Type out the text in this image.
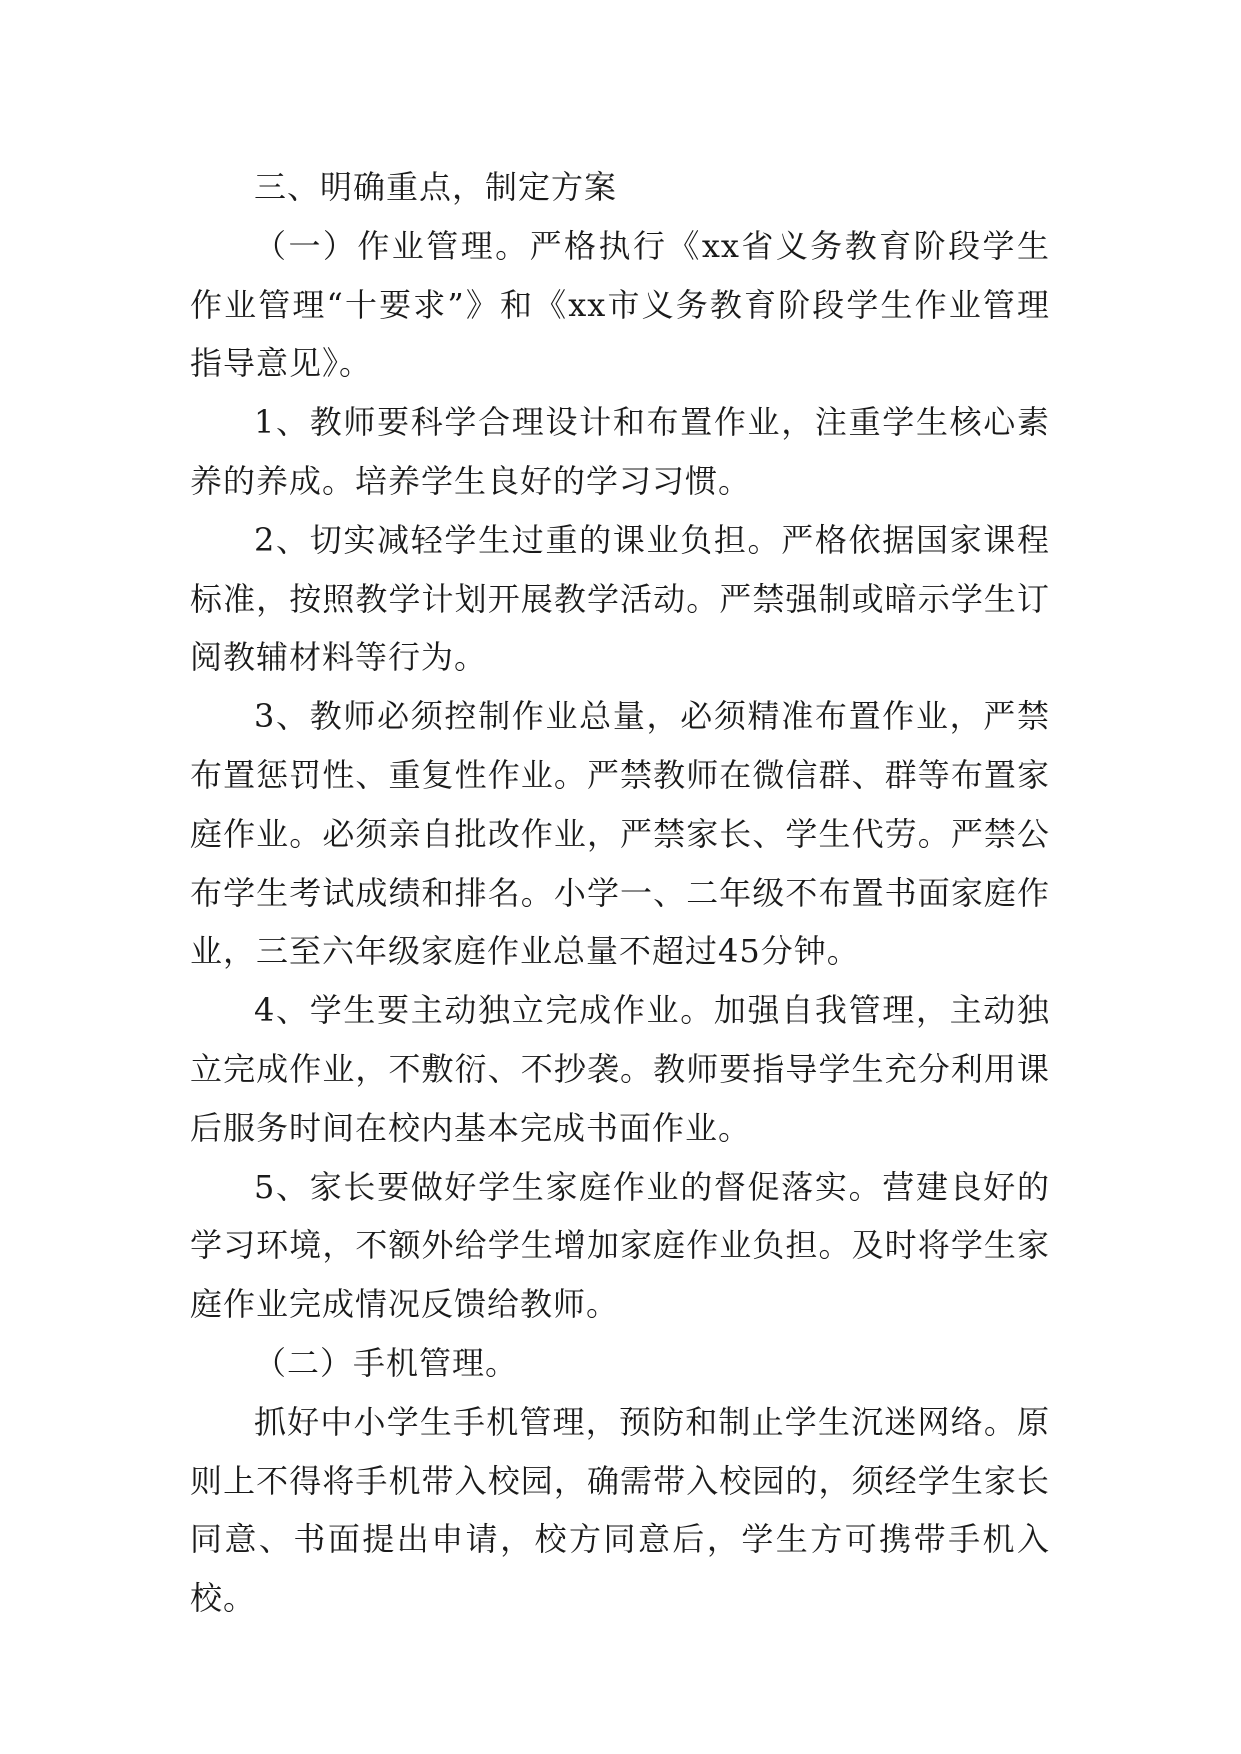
三、明确重点，制定方案

（一）作业管理。严格执行《xx省义务教育阶段学生作业管理“十要求”》和《xx市义务教育阶段学生作业管理指导意见》。

1、教师要科学合理设计和布置作业，注重学生核心素养的养成。培养学生良好的学习习惯。

2、切实减轻学生过重的课业负担。严格依据国家课程标准，按照教学计划开展教学活动。严禁强制或暗示学生订阅教辅材料等行为。

3、教师必须控制作业总量，必须精准布置作业，严禁布置惩罚性、重复性作业。严禁教师在微信群、群等布置家庭作业。必须亲自批改作业，严禁家长、学生代劳。严禁公布学生考试成绩和排名。小学一、二年级不布置书面家庭作业，三至六年级家庭作业总量不超过45分钟。

4、学生要主动独立完成作业。加强自我管理，主动独立完成作业，不敷衍、不抄袭。教师要指导学生充分利用课后服务时间在校内基本完成书面作业。

5、家长要做好学生家庭作业的督促落实。营建良好的学习环境，不额外给学生增加家庭作业负担。及时将学生家庭作业完成情况反馈给教师。

（二）手机管理。

抓好中小学生手机管理，预防和制止学生沉迷网络。原则上不得将手机带入校园，确需带入校园的，须经学生家长同意、书面提出申请，校方同意后，学生方可携带手机入校。
